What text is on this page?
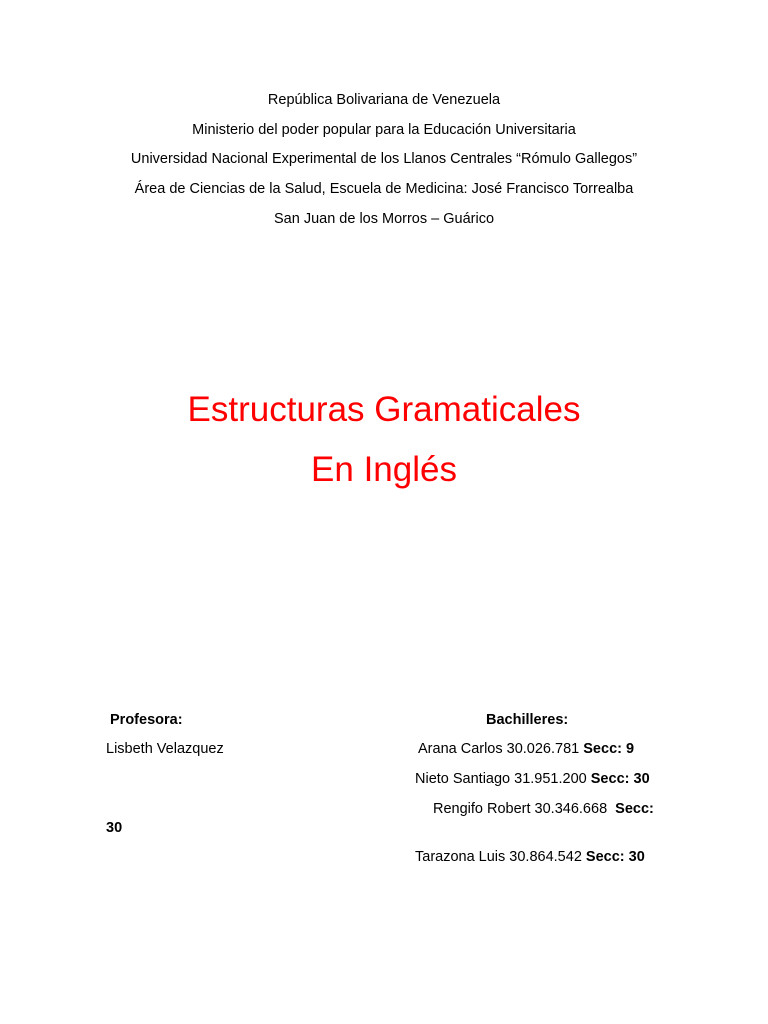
República Bolivariana de Venezuela
Ministerio del poder popular para la Educación Universitaria
Universidad Nacional Experimental de los Llanos Centrales “Rómulo Gallegos”
Área de Ciencias de la Salud, Escuela de Medicina: José Francisco Torrealba
San Juan de los Morros – Guárico
Estructuras Gramaticales
En Inglés
Profesora:
Lisbeth Velazquez
Bachilleres:
Arana Carlos 30.026.781 Secc: 9
Nieto Santiago 31.951.200 Secc: 30
Rengifo Robert 30.346.668 Secc:
30
Tarazona Luis 30.864.542 Secc: 30
